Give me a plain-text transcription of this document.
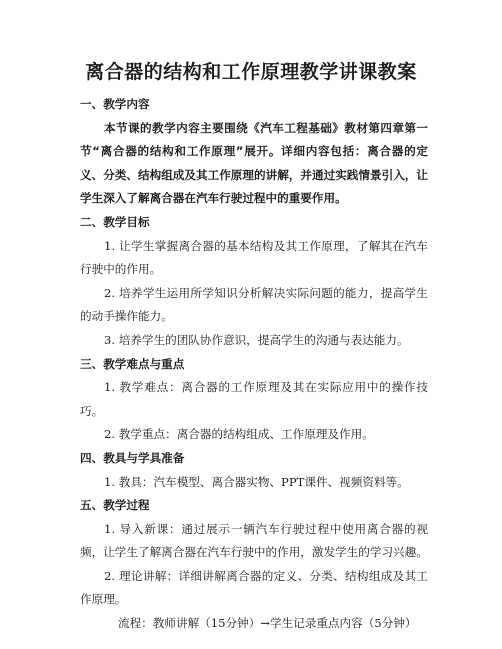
离合器的结构和工作原理教学讲课教案
一、教学内容
本节课的教学内容主要围绕《汽车工程基础》教材第四章第一节“离合器的结构和工作原理”展开。详细内容包括：离合器的定义、分类、结构组成及其工作原理的讲解，并通过实践情景引入，让学生深入了解离合器在汽车行驶过程中的重要作用。
二、教学目标
1. 让学生掌握离合器的基本结构及其工作原理，了解其在汽车行驶中的作用。
2. 培养学生运用所学知识分析解决实际问题的能力，提高学生的动手操作能力。
3. 培养学生的团队协作意识，提高学生的沟通与表达能力。
三、教学难点与重点
1. 教学难点：离合器的工作原理及其在实际应用中的操作技巧。
2. 教学重点：离合器的结构组成、工作原理及作用。
四、教具与学具准备
1. 教具：汽车模型、离合器实物、PPT课件、视频资料等。
五、教学过程
1. 导入新课：通过展示一辆汽车行驶过程中使用离合器的视频，让学生了解离合器在汽车行驶中的作用，激发学生的学习兴趣。
2. 理论讲解：详细讲解离合器的定义、分类、结构组成及其工作原理。
流程：教师讲解（15分钟）→学生记录重点内容（5分钟）
